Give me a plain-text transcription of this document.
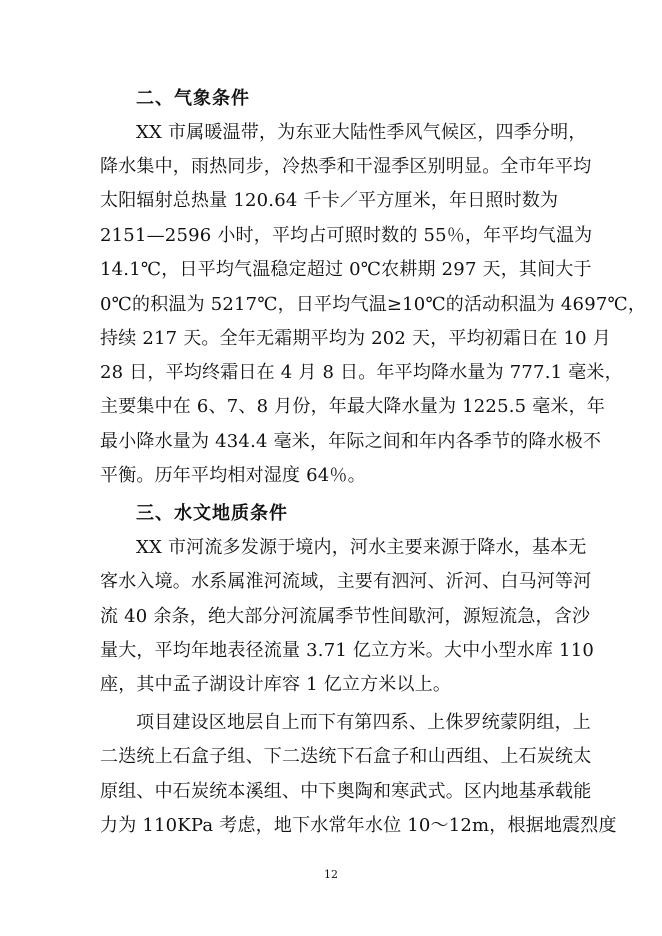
二、气象条件
XX 市属暖温带，为东亚大陆性季风气候区，四季分明，
降水集中，雨热同步，冷热季和干湿季区别明显。全市年平均
太阳辐射总热量 120.64 千卡／平方厘米，年日照时数为
2151—2596 小时，平均占可照时数的 55％，年平均气温为
14.1℃，日平均气温稳定超过 0℃农耕期 297 天，其间大于
0℃的积温为 5217℃，日平均气温≥10℃的活动积温为 4697℃，
持续 217 天。全年无霜期平均为 202 天，平均初霜日在 10 月
28 日，平均终霜日在 4 月 8 日。年平均降水量为 777.1 毫米，
主要集中在 6、7、8 月份，年最大降水量为 1225.5 毫米，年
最小降水量为 434.4 毫米，年际之间和年内各季节的降水极不
平衡。历年平均相对湿度 64％。
三、水文地质条件
XX 市河流多发源于境内，河水主要来源于降水，基本无
客水入境。水系属淮河流域，主要有泗河、沂河、白马河等河
流 40 余条，绝大部分河流属季节性间歇河，源短流急，含沙
量大，平均年地表径流量 3.71 亿立方米。大中小型水库 110
座，其中孟子湖设计库容 1 亿立方米以上。
项目建设区地层自上而下有第四系、上侏罗统蒙阴组，上
二迭统上石盒子组、下二迭统下石盒子和山西组、上石炭统太
原组、中石炭统本溪组、中下奥陶和寒武式。区内地基承载能
力为 110KPa 考虑，地下水常年水位 10～12m，根据地震烈度
12
